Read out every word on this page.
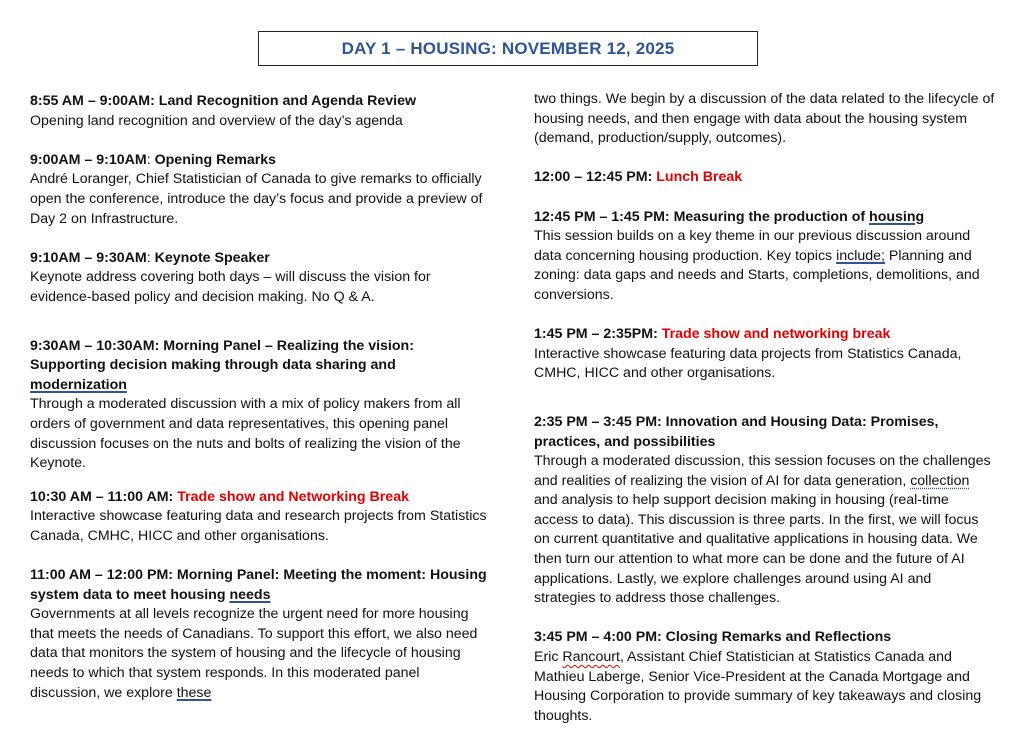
DAY 1 – HOUSING: NOVEMBER 12, 2025

8:55 AM – 9:00AM: Land Recognition and Agenda Review

Opening land recognition and overview of the day’s agenda

9:00AM – 9:10AM: Opening Remarks

André Loranger, Chief Statistician of Canada to give remarks to officially open the conference, introduce the day’s focus and provide a preview of Day 2 on Infrastructure.

9:10AM – 9:30AM: Keynote Speaker

Keynote address covering both days – will discuss the vision for evidence-based policy and decision making. No Q & A.

9:30AM – 10:30AM: Morning Panel – Realizing the vision: Supporting decision making through data sharing and modernization

Through a moderated discussion with a mix of policy makers from all orders of government and data representatives, this opening panel discussion focuses on the nuts and bolts of realizing the vision of the Keynote.

10:30 AM – 11:00 AM: Trade show and Networking Break

Interactive showcase featuring data and research projects from Statistics Canada, CMHC, HICC and other organisations.

11:00 AM – 12:00 PM: Morning Panel: Meeting the moment: Housing system data to meet housing needs

Governments at all levels recognize the urgent need for more housing that meets the needs of Canadians. To support this effort, we also need data that monitors the system of housing and the lifecycle of housing needs to which that system responds. In this moderated panel discussion, we explore these

two things. We begin by a discussion of the data related to the lifecycle of housing needs, and then engage with data about the housing system (demand, production/supply, outcomes).

12:00 – 12:45 PM: Lunch Break

12:45 PM – 1:45 PM: Measuring the production of housing

This session builds on a key theme in our previous discussion around data concerning housing production. Key topics include; Planning and zoning: data gaps and needs and Starts, completions, demolitions, and conversions.

1:45 PM – 2:35PM: Trade show and networking break

Interactive showcase featuring data projects from Statistics Canada, CMHC, HICC and other organisations.

2:35 PM – 3:45 PM: Innovation and Housing Data: Promises, practices, and possibilities

Through a moderated discussion, this session focuses on the challenges and realities of realizing the vision of AI for data generation, collection and analysis to help support decision making in housing (real-time access to data). This discussion is three parts. In the first, we will focus on current quantitative and qualitative applications in housing data. We then turn our attention to what more can be done and the future of AI applications. Lastly, we explore challenges around using AI and strategies to address those challenges.

3:45 PM – 4:00 PM: Closing Remarks and Reflections

Eric Rancourt, Assistant Chief Statistician at Statistics Canada and Mathieu Laberge, Senior Vice-President at the Canada Mortgage and Housing Corporation to provide summary of key takeaways and closing thoughts.
